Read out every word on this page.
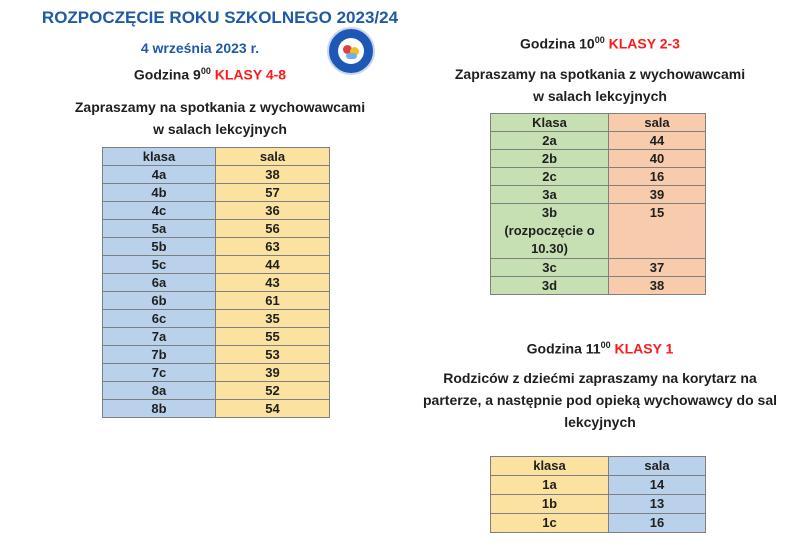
ROZPOCZĘCIE ROKU SZKOLNEGO 2023/24
4 września 2023 r.
Godzina $9^{00}$ KLASY 4-8
Zapraszamy na spotkania z wychowawcami
w salach lekcyjnych
klasa	sala

4a	38

4b	57

4c	36

5a	56

5b	63

5c	44

6a	43

6b	61

6c	35

7a	55

7b	53

7c	39

8a	52

8b	54
Godzina $10^{00}$ KLASY 2-3
Zapraszamy na spotkania z wychowawcami
w salach lekcyjnych
Klasa	sala

2a	44

2b	40

2c	16

3a	39

3b
(rozpoczęcie o
10.30)	15

3c	37

3d	38
Godzina $11^{00}$ KLASY 1
Rodziców z dziećmi zapraszamy na korytarz na
parterze, a następnie pod opieką wychowawcy do sal
lekcyjnych
klasa	sala

1a	14

1b	13

1c	16
